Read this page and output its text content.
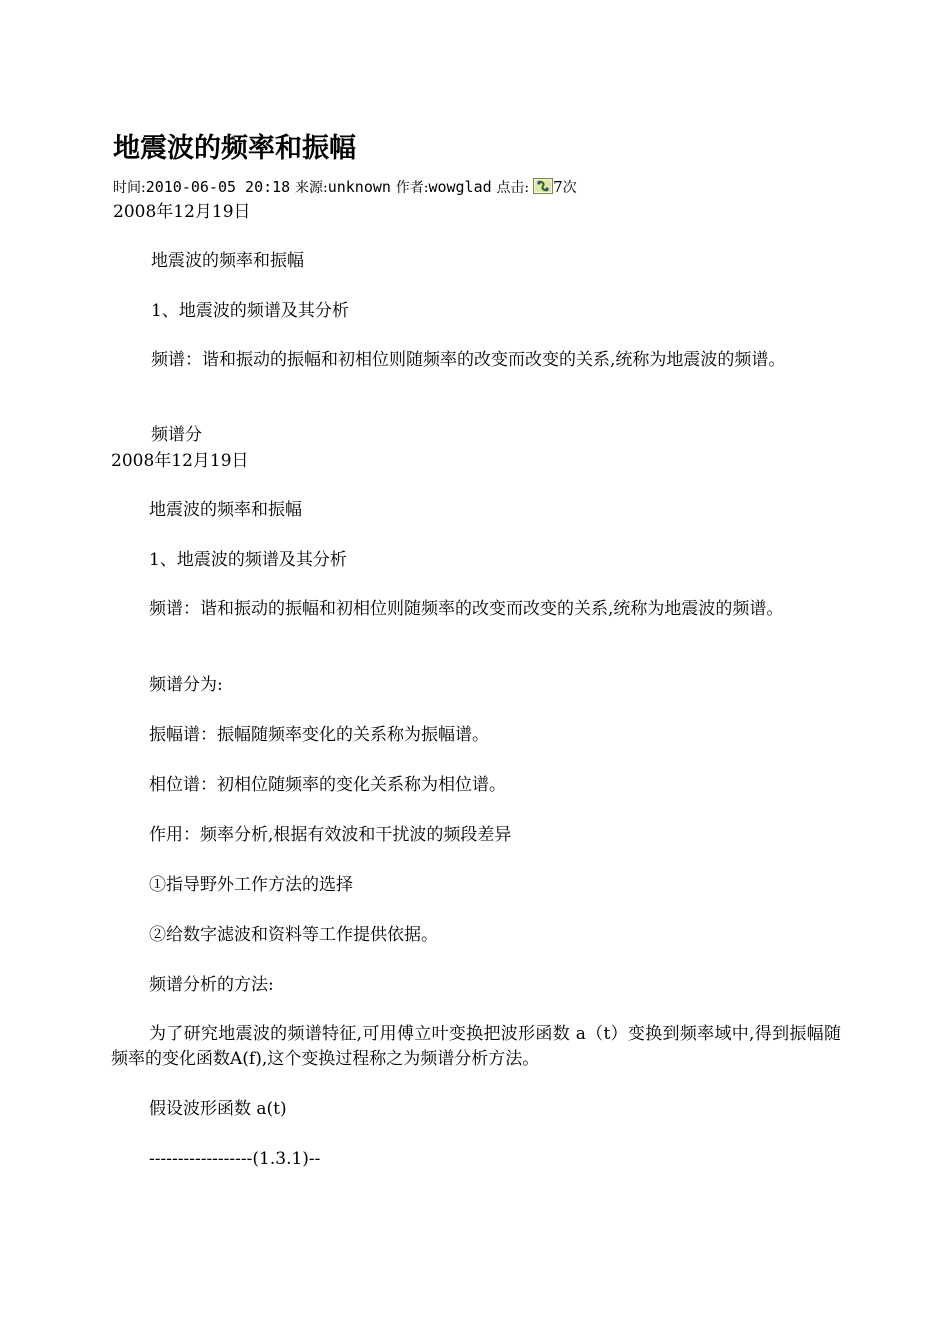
地震波的频率和振幅
时间:2010-06-05 20:18 来源:unknown 作者:wowglad 点击: 7次
2008年12月19日
地震波的频率和振幅
1、地震波的频谱及其分析
频谱：谐和振动的振幅和初相位则随频率的改变而改变的关系,统称为地震波的频谱。
频谱分
2008年12月19日
地震波的频率和振幅
1、地震波的频谱及其分析
频谱：谐和振动的振幅和初相位则随频率的改变而改变的关系,统称为地震波的频谱。
频谱分为:
振幅谱：振幅随频率变化的关系称为振幅谱。
相位谱：初相位随频率的变化关系称为相位谱。
作用：频率分析,根据有效波和干扰波的频段差异
①指导野外工作方法的选择
②给数字滤波和资料等工作提供依据。
频谱分析的方法:
为了研究地震波的频谱特征,可用傅立叶变换把波形函数 a（t）变换到频率域中,得到振幅随频率的变化函数A(f),这个变换过程称之为频谱分析方法。
假设波形函数 a(t)
------------------(1.3.1)--
